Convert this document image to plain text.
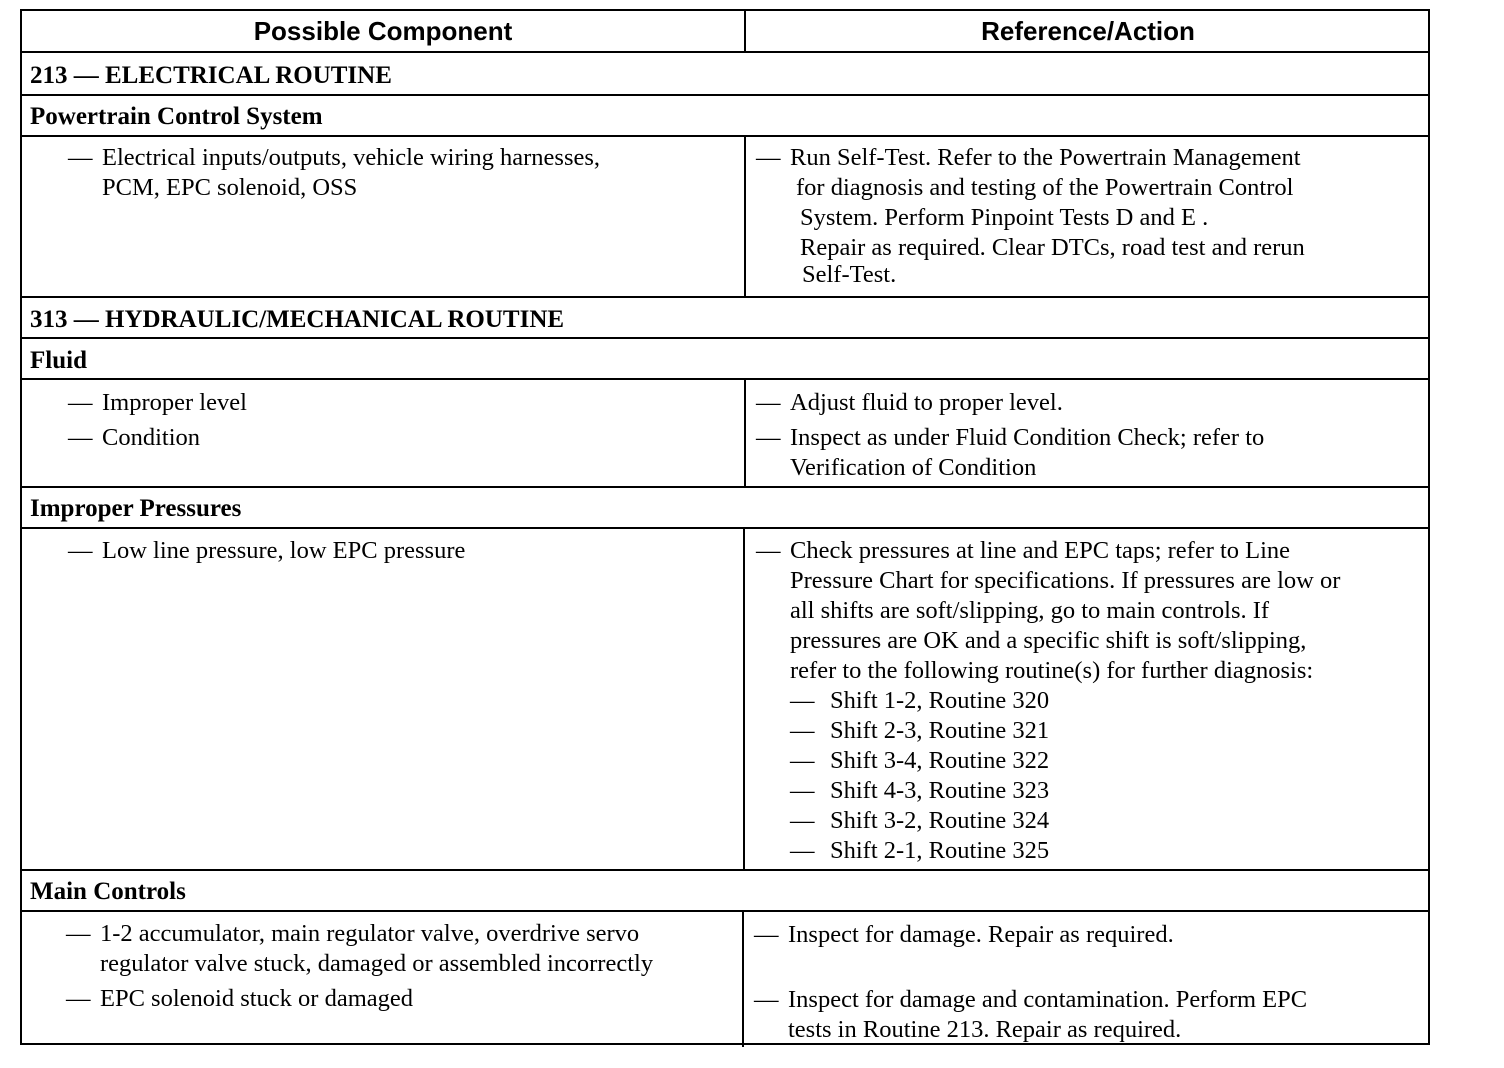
Possible Component	Reference/Action
213 — ELECTRICAL ROUTINE
Powertrain Control System
313 — HYDRAULIC/MECHANICAL ROUTINE
Fluid
Improper Pressures
Main Controls
— Electrical inputs/outputs, vehicle wiring harnesses,
PCM, EPC solenoid, OSS
— Run Self-Test. Refer to the Powertrain Management
for diagnosis and testing of the Powertrain Control
System. Perform Pinpoint Tests D and E .
Repair as required. Clear DTCs, road test and rerun
Self-Test.
— Improper level
— Condition
— Adjust fluid to proper level.
— Inspect as under Fluid Condition Check; refer to
Verification of Condition
— Low line pressure, low EPC pressure	— Check pressures at line and EPC taps; refer to Line
Pressure Chart for specifications. If pressures are low or
all shifts are soft/slipping, go to main controls. If
pressures are OK and a specific shift is soft/slipping,
refer to the following routine(s) for further diagnosis:
— Shift 1-2, Routine 320
— Shift 2-3, Routine 321
— Shift 3-4, Routine 322
— Shift 4-3, Routine 323
— Shift 3-2, Routine 324
— Shift 2-1, Routine 325
— 1-2 accumulator, main regulator valve, overdrive servo
regulator valve stuck, damaged or assembled incorrectly
— EPC solenoid stuck or damaged
— Inspect for damage. Repair as required.
— Inspect for damage and contamination. Perform EPC
tests in Routine 213. Repair as required.
